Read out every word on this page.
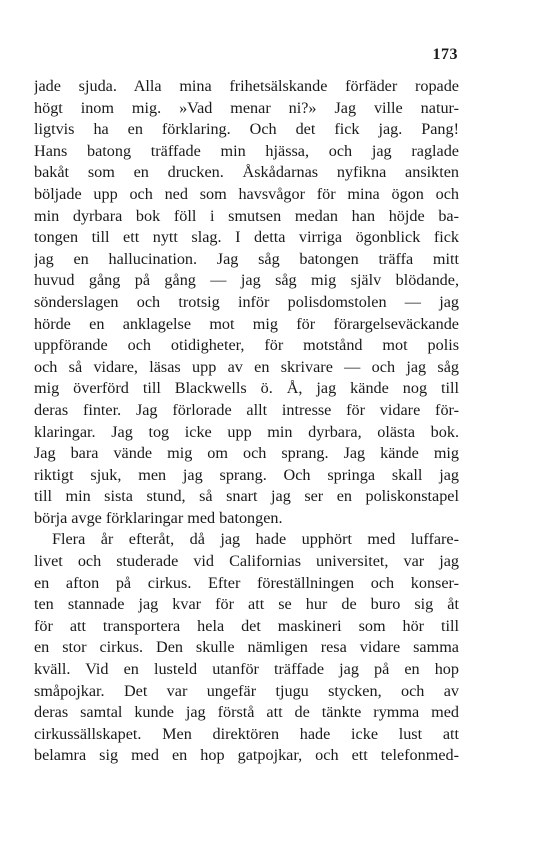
173
jade sjuda. Alla mina frihetsälskande förfäder ropade
högt inom mig. »Vad menar ni?» Jag ville natur-
ligtvis ha en förklaring. Och det fick jag. Pang!
Hans batong träffade min hjässa, och jag raglade
bakåt som en drucken. Åskådarnas nyfikna ansikten
böljade upp och ned som havsvågor för mina ögon och
min dyrbara bok föll i smutsen medan han höjde ba-
tongen till ett nytt slag. I detta virriga ögonblick fick
jag en hallucination. Jag såg batongen träffa mitt
huvud gång på gång — jag såg mig själv blödande,
sönderslagen och trotsig inför polisdomstolen — jag
hörde en anklagelse mot mig för förargelseväckande
uppförande och otidigheter, för motstånd mot polis
och så vidare, läsas upp av en skrivare — och jag såg
mig överförd till Blackwells ö. Å, jag kände nog till
deras finter. Jag förlorade allt intresse för vidare för-
klaringar. Jag tog icke upp min dyrbara, olästa bok.
Jag bara vände mig om och sprang. Jag kände mig
riktigt sjuk, men jag sprang. Och springa skall jag
till min sista stund, så snart jag ser en poliskonstapel
börja avge förklaringar med batongen.
Flera år efteråt, då jag hade upphört med luffare-
livet och studerade vid Californias universitet, var jag
en afton på cirkus. Efter föreställningen och konser-
ten stannade jag kvar för att se hur de buro sig åt
för att transportera hela det maskineri som hör till
en stor cirkus. Den skulle nämligen resa vidare samma
kväll. Vid en lusteld utanför träffade jag på en hop
småpojkar. Det var ungefär tjugu stycken, och av
deras samtal kunde jag förstå att de tänkte rymma med
cirkussällskapet. Men direktören hade icke lust att
belamra sig med en hop gatpojkar, och ett telefonmed-
